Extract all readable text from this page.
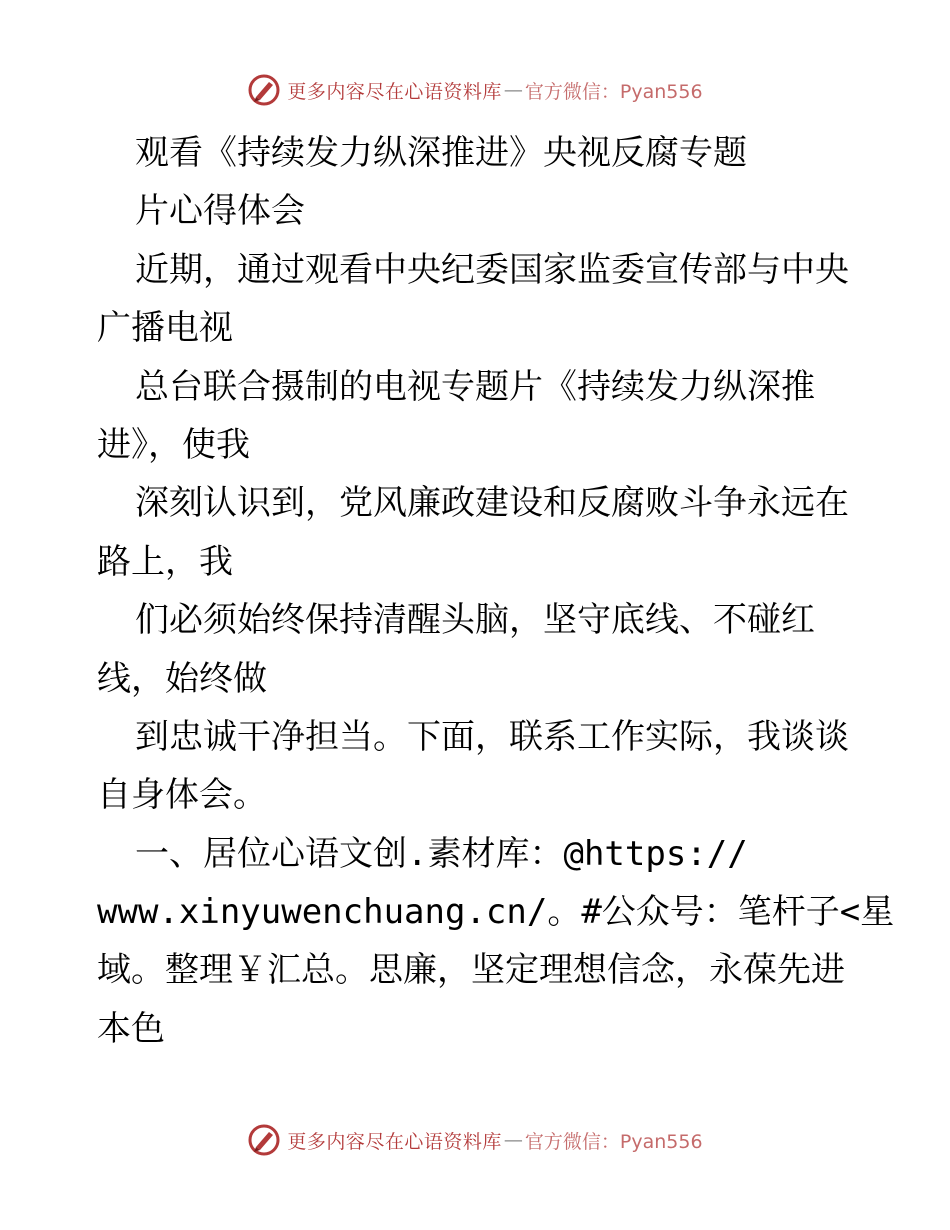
更多内容尽在心语资料库 — 官方微信：Pyan556
观看《持续发力纵深推进》央视反腐专题
片心得体会
近期，通过观看中央纪委国家监委宣传部与中央
广播电视
总台联合摄制的电视专题片《持续发力纵深推
进》，使我
深刻认识到，党风廉政建设和反腐败斗争永远在
路上，我
们必须始终保持清醒头脑，坚守底线、不碰红
线，始终做
到忠诚干净担当。下面，联系工作实际，我谈谈
自身体会。
一、居位心语文创.素材库：@https://
www.xinyuwenchuang.cn/。#公众号：笔杆子<星
域。整理￥汇总。思廉，坚定理想信念，永葆先进
本色
更多内容尽在心语资料库 — 官方微信：Pyan556
